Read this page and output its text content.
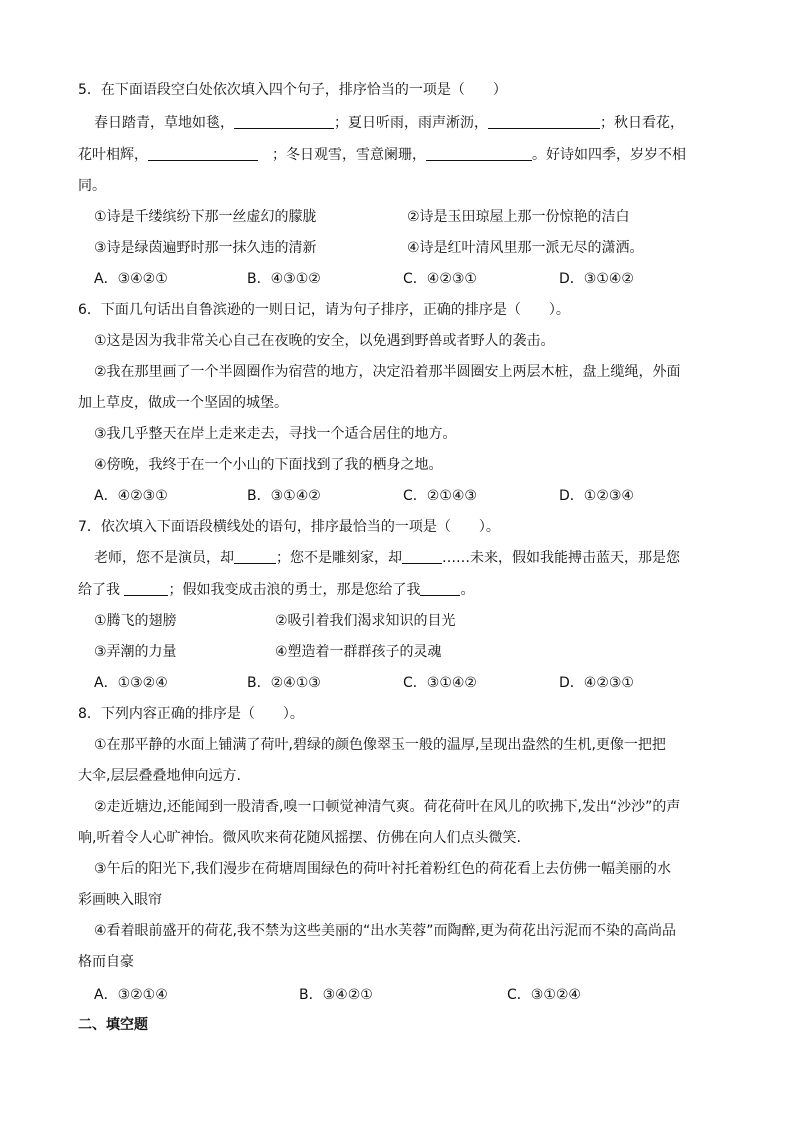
5．在下面语段空白处依次填入四个句子，排序恰当的一项是（　　）
春日踏青，草地如毯，	；夏日听雨，雨声淅沥，	；秋日看花，
花叶相辉，	；冬日观雪，雪意阑珊，	。好诗如四季，岁岁不相
同。
①诗是千缕缤纷下那一丝虚幻的朦胧	②诗是玉田琼屋上那一份惊艳的洁白
③诗是绿茵遍野时那一抹久违的清新	④诗是红叶清风里那一派无尽的潇洒。
A．③④②①	B．④③①②	C．④②③①	D．③①④②
6．下面几句话出自鲁滨逊的一则日记，请为句子排序，正确的排序是（　　）。
①这是因为我非常关心自己在夜晚的安全，以免遇到野兽或者野人的袭击。
②我在那里画了一个半圆圈作为宿营的地方，决定沿着那半圆圈安上两层木桩，盘上缆绳，外面
加上草皮，做成一个坚固的城堡。
③我几乎整天在岸上走来走去，寻找一个适合居住的地方。
④傍晚，我终于在一个小山的下面找到了我的栖身之地。
A．④②③①	B．③①④②	C．②①④③	D．①②③④
7．依次填入下面语段横线处的语句，排序最恰当的一项是（　　）。
老师，您不是演员，却	；您不是雕刻家，却	……未来，假如我能搏击蓝天，那是您
给了我	；假如我变成击浪的勇士，那是您给了我	。
①腾飞的翅膀	②吸引着我们渴求知识的目光
③弄潮的力量	④塑造着一群群孩子的灵魂
A．①③②④	B．②④①③	C．③①④②	D．④②③①
8．下列内容正确的排序是（　　）。
①在那平静的水面上铺满了荷叶,碧绿的颜色像翠玉一般的温厚,呈现出盎然的生机,更像一把把
大伞,层层叠叠地伸向远方.
②走近塘边,还能闻到一股清香,嗅一口顿觉神清气爽。荷花荷叶在风儿的吹拂下,发出“沙沙”的声
响,听着令人心旷神怡。微风吹来荷花随风摇摆、仿佛在向人们点头微笑.
③午后的阳光下,我们漫步在荷塘周围绿色的荷叶衬托着粉红色的荷花看上去仿佛一幅美丽的水
彩画映入眼帘
④看着眼前盛开的荷花,我不禁为这些美丽的“出水芙蓉”而陶醉,更为荷花出污泥而不染的高尚品
格而自豪
A．③②①④	B．③④②①	C．③①②④
二、填空题
